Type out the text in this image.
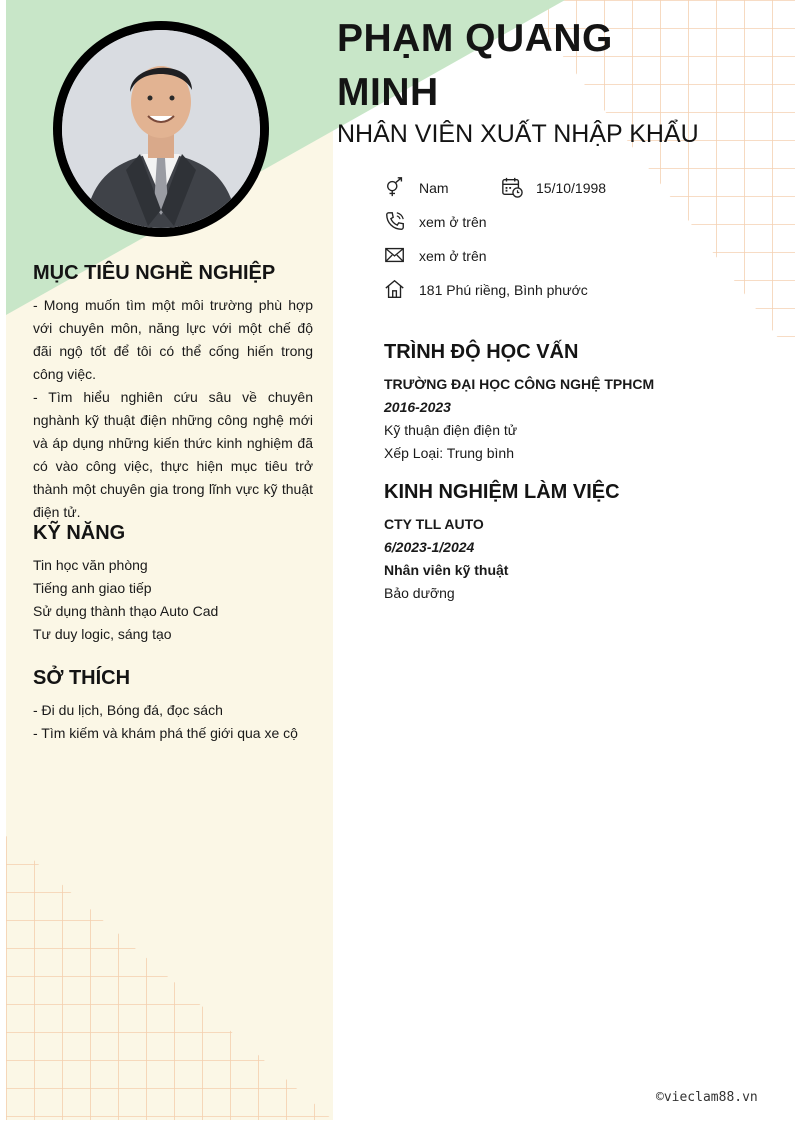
PHẠM QUANG
MINH
NHÂN VIÊN XUẤT NHẬP KHẨU
Nam	15/10/1998
xem ở trên
xem ở trên
181 Phú riềng, Bình phước
MỤC TIÊU NGHỀ NGHIỆP
- Mong muốn tìm một môi trường phù hợp với chuyên môn, năng lực với một chế độ đãi ngộ tốt để tôi có thể cống hiến trong công việc.
- Tìm hiểu nghiên cứu sâu về chuyên nghành kỹ thuật điện những công nghệ mới và áp dụng những kiến thức kinh nghiệm đã có vào công việc, thực hiện mục tiêu trở thành một chuyên gia trong lĩnh vực kỹ thuật điện tử.
KỸ NĂNG
Tin học văn phòng
Tiếng anh giao tiếp
Sử dụng thành thạo Auto Cad
Tư duy logic, sáng tạo
SỞ THÍCH
- Đi du lịch, Bóng đá, đọc sách
- Tìm kiếm và khám phá thế giới qua xe cộ
TRÌNH ĐỘ HỌC VẤN
TRƯỜNG ĐẠI HỌC CÔNG NGHỆ TPHCM
2016-2023
Kỹ thuận điện điện tử
Xếp Loại: Trung bình
KINH NGHIỆM LÀM VIỆC
CTY TLL AUTO
6/2023-1/2024
Nhân viên kỹ thuật
Bảo dưỡng
©vieclam88.vn
